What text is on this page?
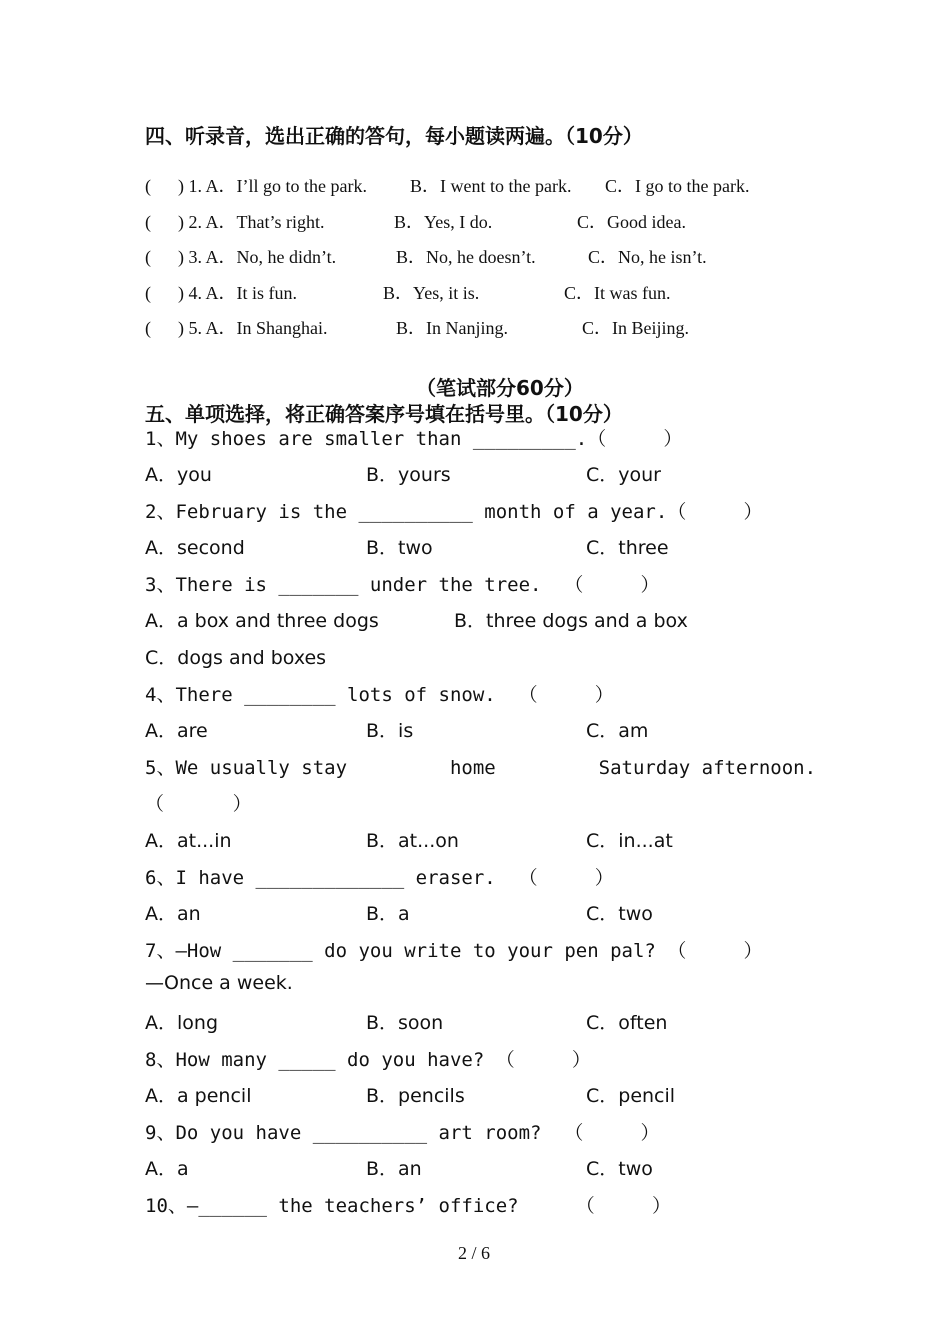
四、听录音，选出正确的答句，每小题读两遍。（10分）
(      ) 1. A．I’ll go to the park. B．I went to the park. C．I go to the park.
(      ) 2. A．That’s right.	B．Yes, I do.	C．Good idea.
(      ) 3. A．No, he didn’t.	B．No, he doesn’t.	C．No, he isn’t.
(      ) 4. A．It is fun.	B．Yes, it is.	C．It was fun.
(      ) 5. A．In Shanghai.	B．In Nanjing.	C．In Beijing.
（笔试部分60分）
五、单项选择，将正确答案序号填在括号里。（10分）
1、My shoes are smaller than _________.（     ）
A．you	B．yours	C．your
2、February is the __________ month of a year.（     ）
A．second	B．two	C．three
3、There is _______ under the tree.  （     ）
A．a box and three dogs	B．three dogs and a box
C．dogs and boxes
4、There ________ lots of snow.  （     ）
A．are	B．is	C．am
5、We usually stay         home         Saturday afternoon.
（      ）
A．at...in	B．at...on	C．in...at
6、I have _____________ eraser.  （     ）
A．an	B．a	C．two
7、—How _______ do you write to your pen pal? （     ）
—Once a week.
A．long	B．soon	C．often
8、How many _____ do you have? （     ）
A．a pencil	B．pencils	C．pencil
9、Do you have __________ art room?  （     ）
A．a	B．an	C．two
10、—______ the teachers’ office?     （     ）
2 / 6
